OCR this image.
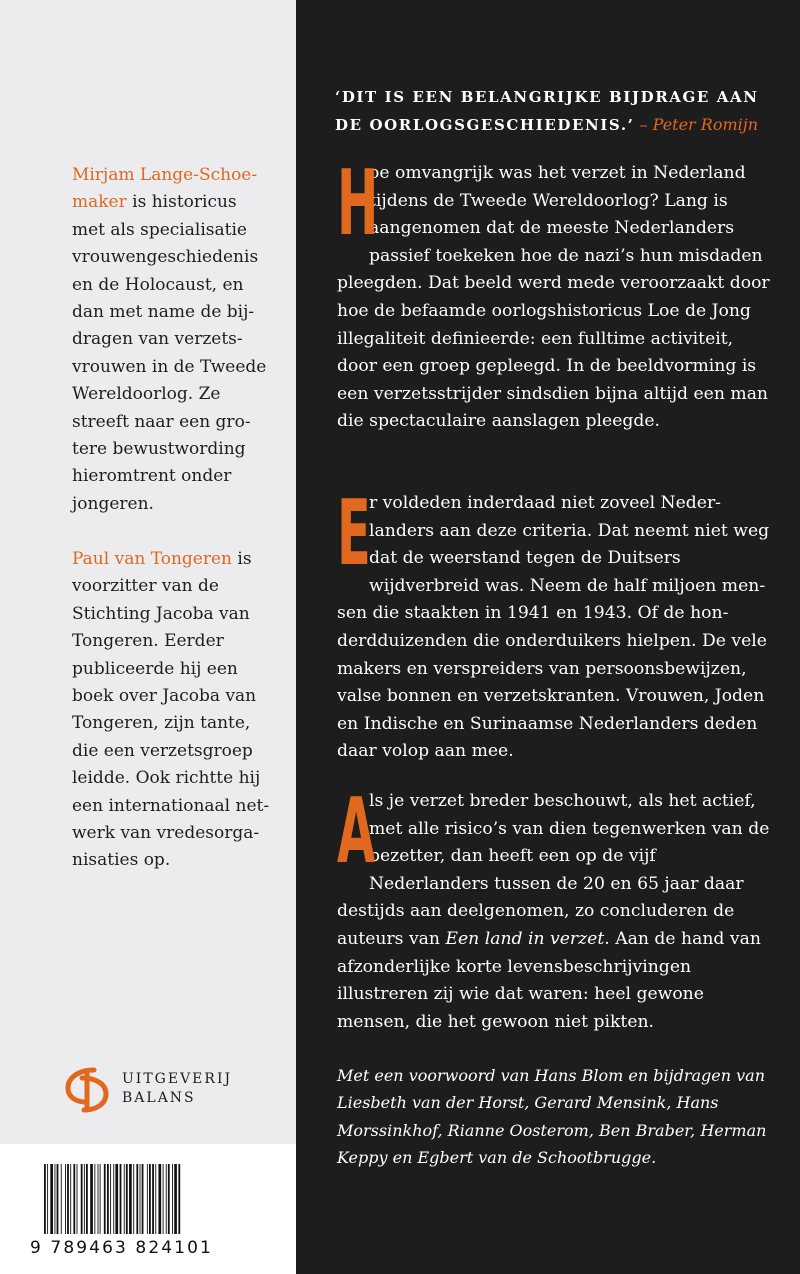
Mirjam Lange-Schoemaker is historicus met als specialisatie vrouwengeschiedenis en de Holocaust, en dan met name de bijdragen van verzetsvrouwen in de Tweede Wereldoorlog. Ze streeft naar een grotere bewustwording hieromtrent onder jongeren.

Paul van Tongeren is voorzitter van de Stichting Jacoba van Tongeren. Eerder publiceerde hij een boek over Jacoba van Tongeren, zijn tante, die een verzetsgroep leidde. Ook richtte hij een internationaal netwerk van vredesorganisaties op.

UITGEVERIJ
BALANS
9 789463 824101

‘DIT IS EEN BELANGRIJKE BIJDRAGE AAN DE OORLOGSGESCHIEDENIS.’ – Peter Romijn

H
oe omvangrijk was het verzet in Nederland tijdens de Tweede Wereldoorlog? Lang is aangenomen dat de meeste Nederlanders passief toekeken hoe de nazi’s hun misdaden pleegden. Dat beeld werd mede veroorzaakt door hoe de befaamde oorlogshistoricus Loe de Jong illegaliteit definieerde: een fulltime activiteit, door een groep gepleegd. In de beeldvorming is een verzetsstrijder sindsdien bijna altijd een man die spectaculaire aanslagen pleegde.

E
r voldeden inderdaad niet zoveel Nederlanders aan deze criteria. Dat neemt niet weg dat de weerstand tegen de Duitsers wijdverbreid was. Neem de half miljoen mensen die staakten in 1941 en 1943. Of de honderdduizenden die onderduikers hielpen. De vele makers en verspreiders van persoonsbewijzen, valse bonnen en verzetskranten. Vrouwen, Joden en Indische en Surinaamse Nederlanders deden daar volop aan mee.

A
ls je verzet breder beschouwt, als het actief, met alle risico’s van dien tegenwerken van de bezetter, dan heeft een op de vijf Nederlanders tussen de 20 en 65 jaar daar destijds aan deelgenomen, zo concluderen de auteurs van Een land in verzet. Aan de hand van afzonderlijke korte levensbeschrijvingen illustreren zij wie dat waren: heel gewone mensen, die het gewoon niet pikten.

Met een voorwoord van Hans Blom en bijdragen van Liesbeth van der Horst, Gerard Mensink, Hans Morssinkhof, Rianne Oosterom, Ben Braber, Herman Keppy en Egbert van de Schootbrugge.
